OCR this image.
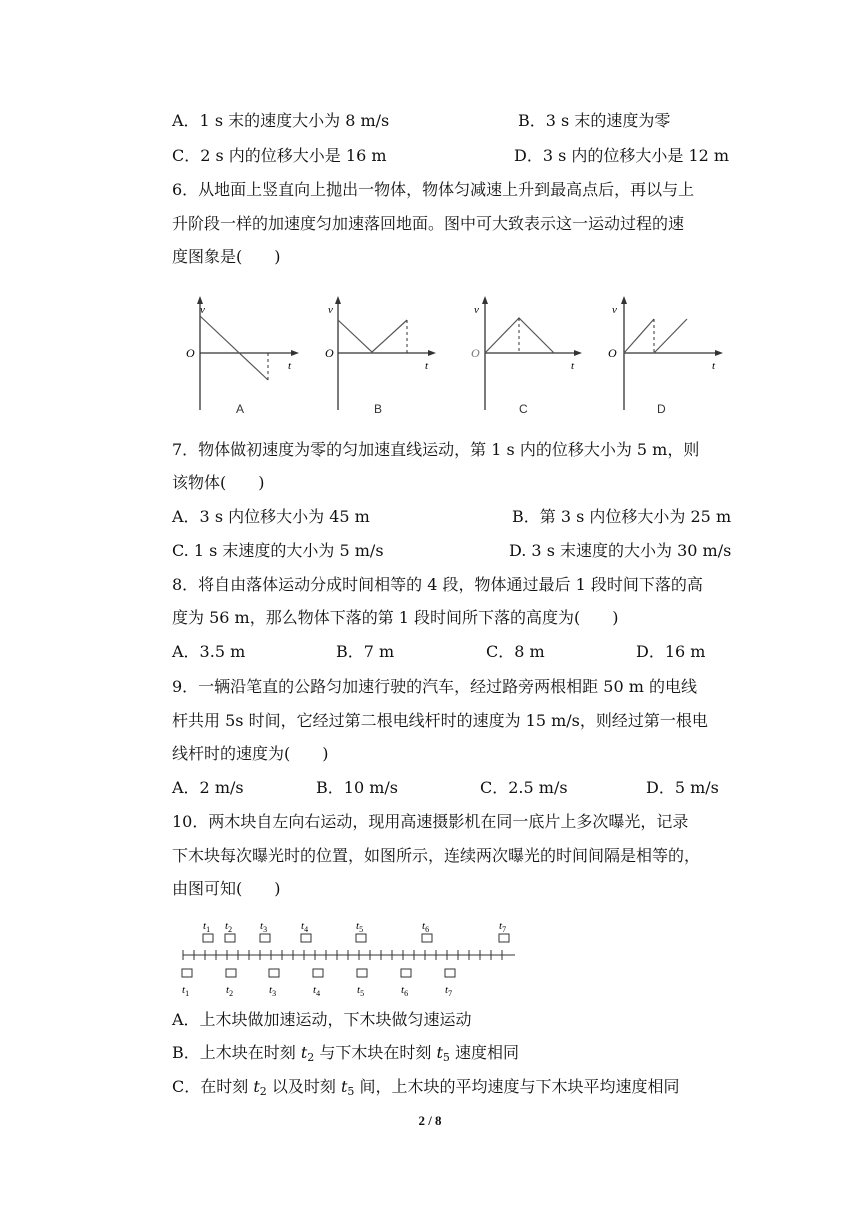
A．1 s 末的速度大小为 8 m/s	B．3 s 末的速度为零
C．2 s 内的位移大小是 16 m	D．3 s 内的位移大小是 12 m
6．从地面上竖直向上抛出一物体，物体匀减速上升到最高点后，再以与上
升阶段一样的加速度匀加速落回地面。图中可大致表示这一运动过程的速
度图象是(　　)
v
O
t
A
v
O
t
B
v
O
t
C
v
O
t
D
7．物体做初速度为零的匀加速直线运动，第 1 s 内的位移大小为 5 m，则
该物体(　　)
A．3 s 内位移大小为 45 m	B．第 3 s 内位移大小为 25 m
C. 1 s 末速度的大小为 5 m/s	D. 3 s 末速度的大小为 30 m/s
8．将自由落体运动分成时间相等的 4 段，物体通过最后 1 段时间下落的高
度为 56 m，那么物体下落的第 1 段时间所下落的高度为(　　)
A．3.5 m	B．7 m	C．8 m	D．16 m
9．一辆沿笔直的公路匀加速行驶的汽车，经过路旁两根相距 50 m 的电线
杆共用 5s 时间，它经过第二根电线杆时的速度为 15 m/s，则经过第一根电
线杆时的速度为(　　)
A．2 m/s	B．10 m/s	C．2.5 m/s	D．5 m/s
10．两木块自左向右运动，现用高速摄影机在同一底片上多次曝光，记录
下木块每次曝光时的位置，如图所示，连续两次曝光的时间间隔是相等的，
由图可知(　　)
$t_1$ $t_2$	$t_3$	$t_4$	$t_5$	$t_6$	$t_7$
$t_1$	$t_2$	$t_3$	$t_4$	$t_5$	$t_6$	$t_7$
A．上木块做加速运动，下木块做匀速运动
B．上木块在时刻 $t_2$ 与下木块在时刻 $t_5$ 速度相同
C．在时刻 $t_2$ 以及时刻 $t_5$ 间，上木块的平均速度与下木块平均速度相同
2 / 8
